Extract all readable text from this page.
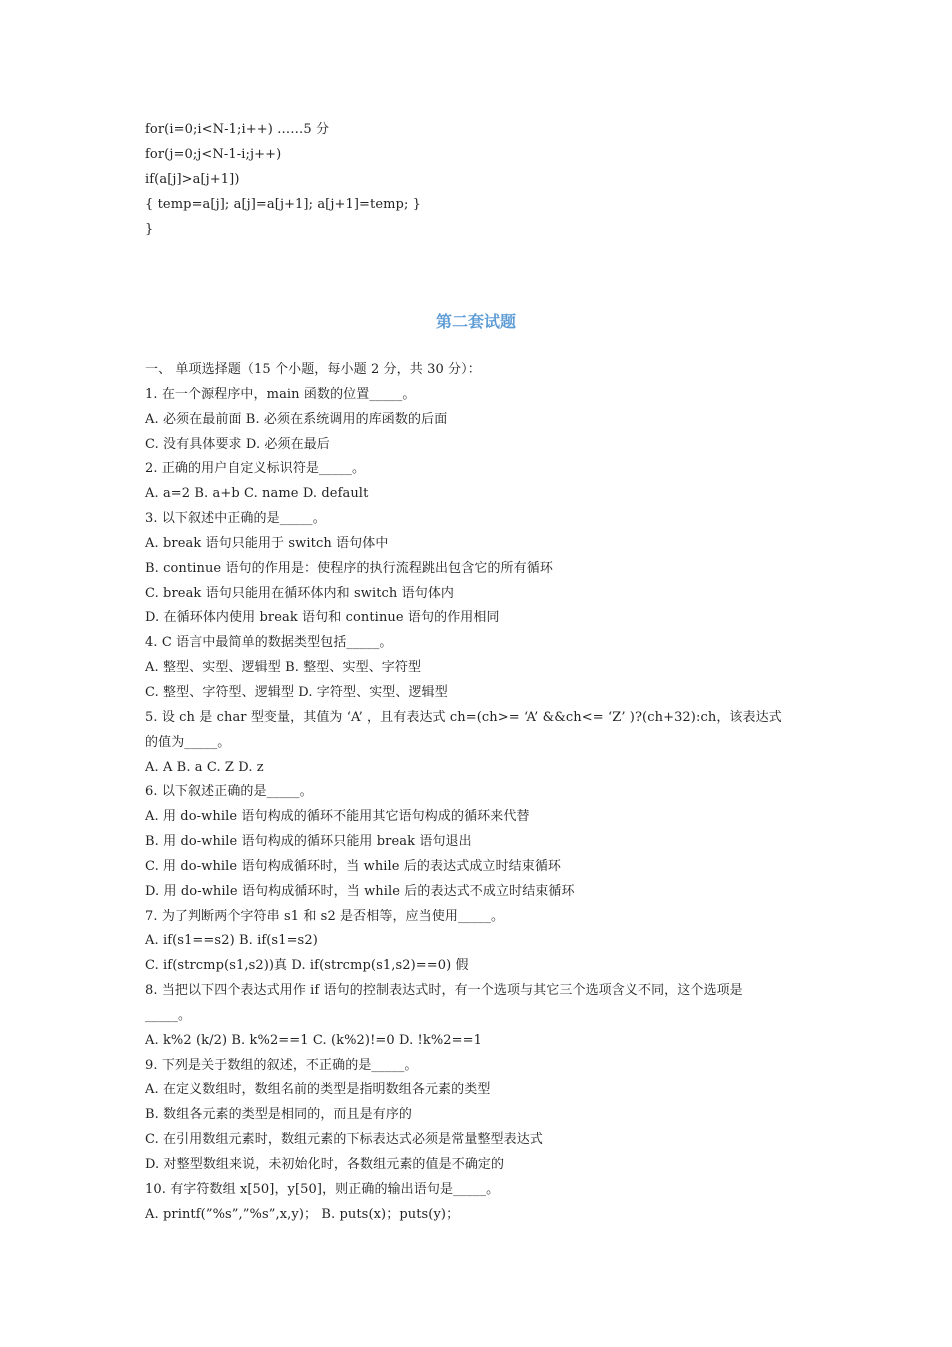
for(i=0;i<N-1;i++) ……5 分
for(j=0;j<N-1-i;j++)
if(a[j]>a[j+1])
{ temp=a[j]; a[j]=a[j+1]; a[j+1]=temp; }
}
第二套试题
一、 单项选择题（15 个小题，每小题 2 分，共 30 分）：
1. 在一个源程序中，main 函数的位置_____。
A. 必须在最前面 B. 必须在系统调用的库函数的后面
C. 没有具体要求 D. 必须在最后
2. 正确的用户自定义标识符是_____。
A. a=2 B. a+b C. name D. default
3. 以下叙述中正确的是_____。
A. break 语句只能用于 switch 语句体中
B. continue 语句的作用是：使程序的执行流程跳出包含它的所有循环
C. break 语句只能用在循环体内和 switch 语句体内
D. 在循环体内使用 break 语句和 continue 语句的作用相同
4. C 语言中最简单的数据类型包括_____。
A. 整型、实型、逻辑型 B. 整型、实型、字符型
C. 整型、字符型、逻辑型 D. 字符型、实型、逻辑型
5. 设 ch 是 char 型变量，其值为 ‘A’ ，且有表达式 ch=(ch>= ‘A’ &&ch<= ‘Z’ )?(ch+32):ch，该表达式
的值为_____。
A. A B. a C. Z D. z
6. 以下叙述正确的是_____。
A. 用 do-while 语句构成的循环不能用其它语句构成的循环来代替
B. 用 do-while 语句构成的循环只能用 break 语句退出
C. 用 do-while 语句构成循环时，当 while 后的表达式成立时结束循环
D. 用 do-while 语句构成循环时，当 while 后的表达式不成立时结束循环
7. 为了判断两个字符串 s1 和 s2 是否相等，应当使用_____。
A. if(s1==s2) B. if(s1=s2)
C. if(strcmp(s1,s2))真 D. if(strcmp(s1,s2)==0) 假
8. 当把以下四个表达式用作 if 语句的控制表达式时，有一个选项与其它三个选项含义不同，这个选项是
_____。
A. k%2 (k/2) B. k%2==1 C. (k%2)!=0 D. !k%2==1
9. 下列是关于数组的叙述，不正确的是_____。
A. 在定义数组时，数组名前的类型是指明数组各元素的类型
B. 数组各元素的类型是相同的，而且是有序的
C. 在引用数组元素时，数组元素的下标表达式必须是常量整型表达式
D. 对整型数组来说，未初始化时，各数组元素的值是不确定的
10. 有字符数组 x[50]，y[50]，则正确的输出语句是_____。
A. printf(”%s”,”%s”,x,y)； B. puts(x)；puts(y)；
